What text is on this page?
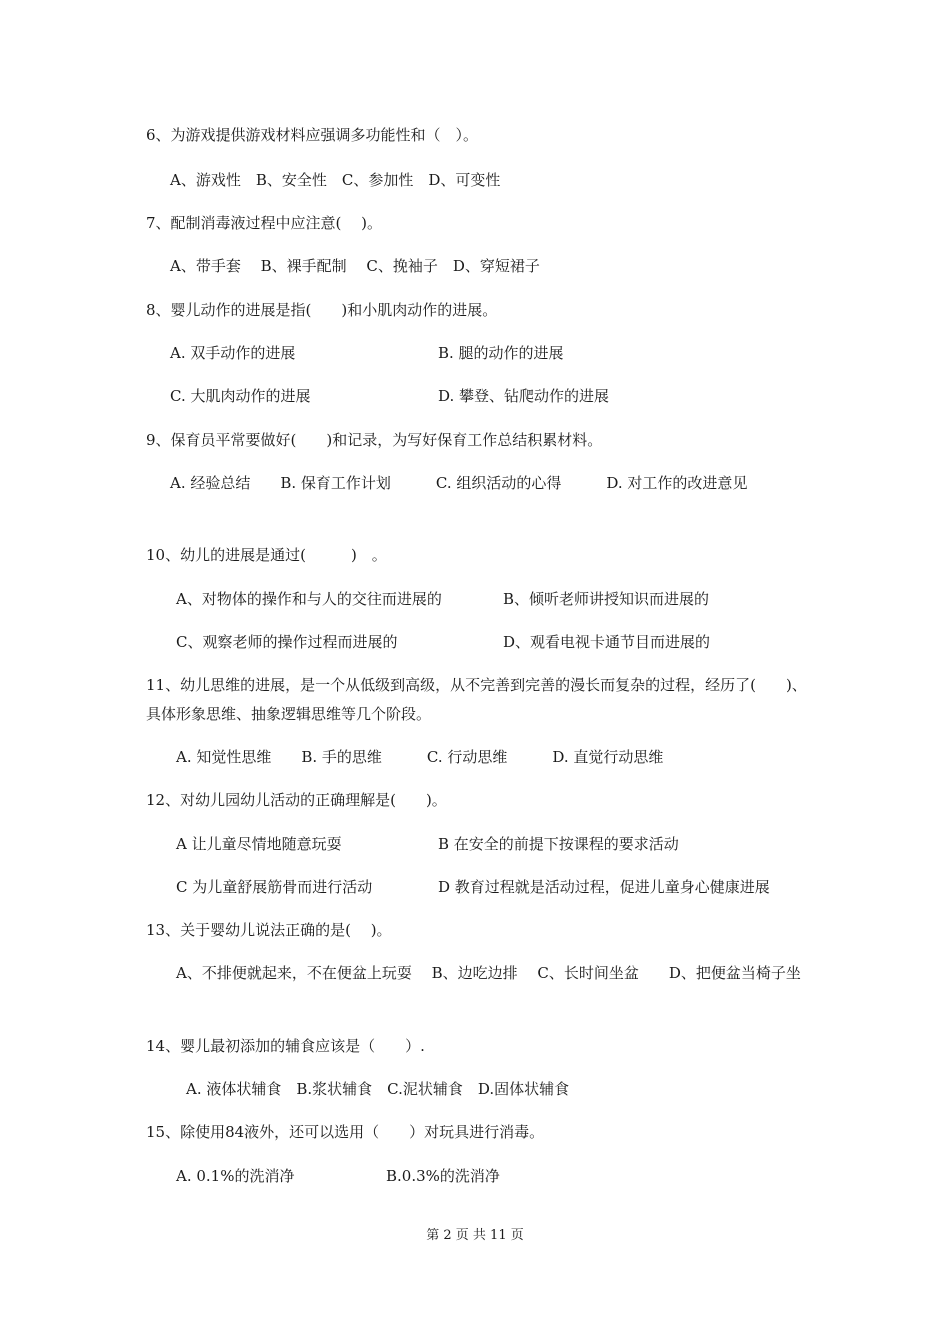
6、为游戏提供游戏材料应强调多功能性和（　）。
A、游戏性　B、安全性　C、参加性　D、可变性
7、配制消毒液过程中应注意(　 )。
A、带手套　 B、裸手配制　 C、挽袖子　D、穿短裙子
8、婴儿动作的进展是指(　　)和小肌肉动作的进展。
A. 双手动作的进展	B. 腿的动作的进展
C. 大肌肉动作的进展	D. 攀登、钻爬动作的进展
9、保育员平常要做好(　　)和记录，为写好保育工作总结积累材料。
A. 经验总结　　B. 保育工作计划　　　C. 组织活动的心得　　　D. 对工作的改进意见
10、幼儿的进展是通过(　　　)　。
A、对物体的操作和与人的交往而进展的	B、倾听老师讲授知识而进展的
C、观察老师的操作过程而进展的	D、观看电视卡通节目而进展的
11、幼儿思维的进展，是一个从低级到高级，从不完善到完善的漫长而复杂的过程，经历了(　　)、具体形象思维、抽象逻辑思维等几个阶段。
A. 知觉性思维　　B. 手的思维　　　C. 行动思维　　　D. 直觉行动思维
12、对幼儿园幼儿活动的正确理解是(　　)。
A 让儿童尽情地随意玩耍	B 在安全的前提下按课程的要求活动
C 为儿童舒展筋骨而进行活动	D 教育过程就是活动过程，促进儿童身心健康进展
13、关于婴幼儿说法正确的是(　 )。
A、不排便就起来，不在便盆上玩耍　 B、边吃边排　 C、长时间坐盆　　D、把便盆当椅子坐
14、婴儿最初添加的辅食应该是（　　）.
A. 液体状辅食　B.浆状辅食　C.泥状辅食　D.固体状辅食
15、除使用84液外，还可以选用（　　）对玩具进行消毒。
A. 0.1%的洗消净	B.0.3%的洗消净
第 2 页 共 11 页
